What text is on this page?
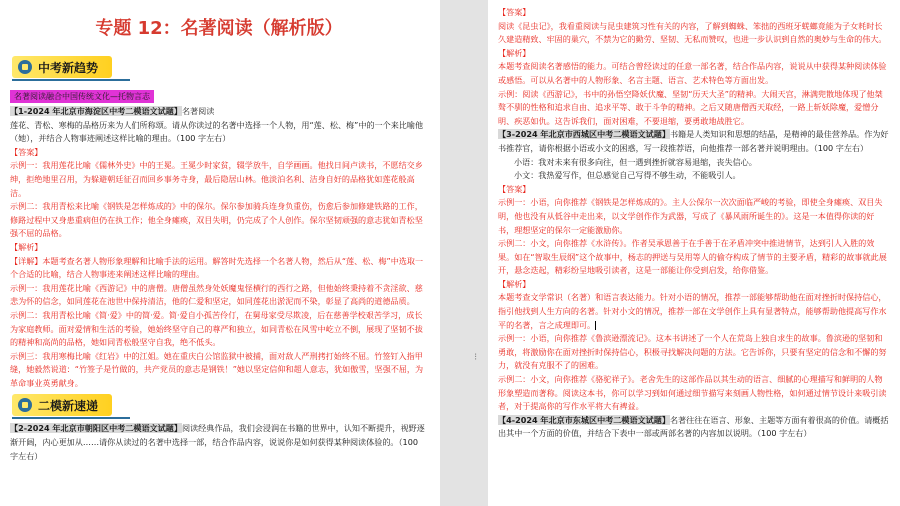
专题 12：名著阅读（解析版）
中考新趋势
名著阅读融合中国传统文化—托物言志

【1-2024 年北京市海淀区中考二模语文试题】名著阅读

莲花、青松、寒梅的品格历来为人们所称颂。请从你读过的名著中选择一个人物，用“莲、松、梅”中的一个来比喻他（她），并结合人物事迹阐述这样比喻的理由。（100 字左右）

【答案】

示例一：我用莲花比喻《儒林外史》中的王冕。王冕少时家贫，辍学放牛，自学画画。他找日间卢读书，不愿结交乡绅，拒绝地里召用，为躲避朝廷征召而回乡事务寺身，最后隐居山林。他淡泊名利、洁身自好的品格犹如莲花般高洁。

示例二：我用青松来比喻《钢铁是怎样炼成的》中的保尔。保尔参加骑兵连身负重伤，伤愈后参加修建铁路的工作，修路过程中又身患重病但仍在执工作；他全身瘫痪，双目失明，仍完成了个人创作。保尔坚韧顽强的意志犹如青松坚强不屈的品格。

【解析】

【详解】本题考查名著人物形象理解和比喻手法的运用。解答时先选择一个名著人物，然后从“莲、松、梅”中选取一个合适的比喻，结合人物事迹来阐述这样比喻的理由。

示例一：我用莲花比喻《西游记》中的唐僧。唐僧虽然身处妖魔鬼怪横行的西行之路，但他始终秉持着不贪淫欲、慈悲为怀的信念，如同莲花在池世中保持清洁，他的仁爱和坚定，如同莲花出淤泥而不染，彰显了高尚的道德品质。

示例二：我用青松比喻《简·爱》中的简·爱。简·爱自小孤苦伶仃，在舅母家受尽欺凌，后在慈善学校艰苦学习，成长为家庭教师。面对爱情和生活的考验，她始终坚守自己的尊严和独立，如同青松在风雪中屹立不倒，展现了坚韧不拔的精神和高尚的品格，她如同青松般坚守自我，绝不低头。

示例三：我用寒梅比喻《红岩》中的江姐。她在重庆白公馆监狱中被捕，面对敌人严刑拷打始终不屈。竹签钉入指甲缝，她毅然说道：“竹签子是竹做的，共产党员的意志是钢铁！”她以坚定信仰和超人意志，犹如傲雪，坚强不屈，为革命事业英勇献身。

二模新速递

【2-2024 年北京市朝阳区中考二模语文试题】阅读经典作品，我们会浸润在书籍的世界中，认知不断提升，视野逐渐开阔，内心更加从……请你从读过的名著中选择一部，结合作品内容，说说你是如何获得某种阅读体验的。（100 字左右）

⁝

【答案】

阅读《昆虫记》，我看重阅读与昆虫建筑习性有关的内容，了解到蜘蛛、笨拙的西班牙蜣螂竟能为子女耗时长久建造精致、牢固的巢穴，不禁为它的勤劳、坚韧、无私而赞叹，也进一步认识到自然的奥妙与生命的伟大。

【解析】

本题考查阅读名著感悟的能力。可结合曾经读过的任意一部名著，结合作品内容，说说从中获得某种阅读体验或感悟。可以从名著中的人物形象、名言主题、语言、艺术特色等方面出发。

示例：阅读《西游记》，书中的孙悟空降妖伏魔、坚韧“历天大圣”的精神。大闹天宫，淋满兜散地体现了他桀骜不驯的性格和追求自由、追求平等、敢于斗争的精神。之后又随唐僧西天取经，一路上斩妖除魔，爱憎分明、疾恶如仇。这告诉我们，面对困难，不要退缩，要勇敢地战胜它。

【3-2024 年北京市西城区中考二模语文试题】书籍是人类知识和思想的结晶，是精神的最佳营养品。作为好书推荐官，请你根据小语或小文的困惑，写一段推荐语，向他推荐一部名著并说明理由。（100 字左右）

小语：我对未来有很多向往，但一遇到挫折就容易退缩，丧失信心。

小文：我热爱写作，但总感觉自己写得不够生动，不能吸引人。

【答案】

示例一：小语，向你推荐《钢铁是怎样炼成的》。主人公保尔一次次面临严峻的考验，即使全身瘫痪、双目失明，他也没有从低谷中走出来，以文学创作作为武器，写成了《暴风雨所诞生的》。这是一本值得你读的好书，理想坚定的保尔一定能激励你。

示例二：小文，向你推荐《水浒传》。作者吴承恩善于在手善于在矛盾冲突中推进情节，达到引人入胜的效果。如在“智取生辰纲”这个故事中，杨志的押送与吴用等人的偷夺构成了情节的主要矛盾，精彩的故事就此展开，悬念迭起，精彩纷呈地吸引读者，这是一部能让你受到启发，给你借鉴。

【解析】

本题考查文学常识（名著）和语言表达能力。针对小语的情况，推荐一部能够帮助他在面对挫折时保持信心，指引他找到人生方向的名著。针对小文的情况，推荐一部在文学创作上具有显著特点，能够帮助他提高写作水平的名著，言之成理即可。

示例一：小语，向你推荐《鲁滨逊漂流记》。这本书讲述了一个人在荒岛上独自求生的故事。鲁滨逊的坚韧和勇敢，将激励你在面对挫折时保持信心，积极寻找解决问题的方法。它告诉你，只要有坚定的信念和不懈的努力，就没有克服不了的困难。

示例二：小文，向你推荐《骆驼祥子》。老舍先生的这部作品以其生动的语言、细腻的心理描写和鲜明的人物形象塑造而著称。阅读这本书，你可以学习到如何通过细节描写来刻画人物性格，如何通过情节设计来吸引读者，对于提高你的写作水平将大有裨益。

【4-2024 年北京市东城区中考二模语文试题】名著往往在语言、形象、主题等方面有着很高的价值。请概括出其中一个方面的价值，并结合下表中一部或两部名著的内容加以说明。（100 字左右）
